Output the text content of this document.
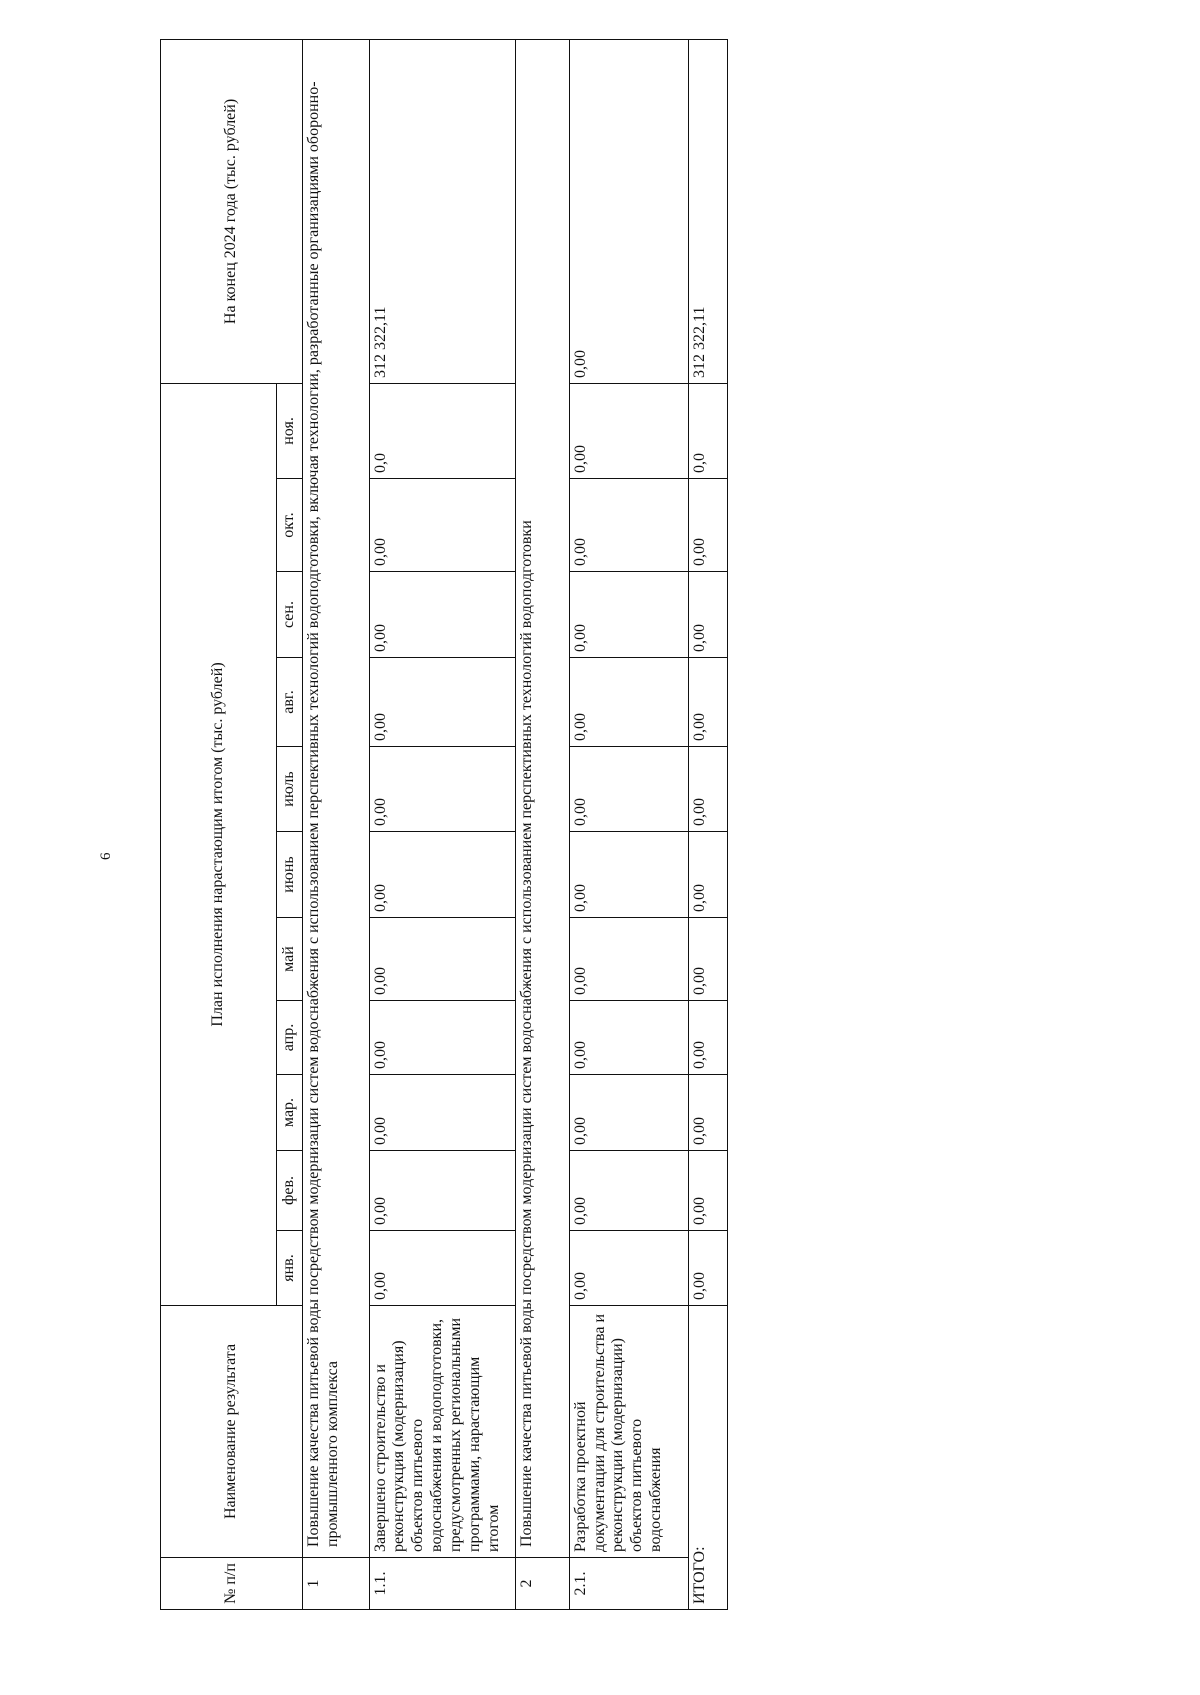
6
№ п/п	Наименование результата	План исполнения нарастающим итогом (тыс. рублей)											На конец 2024 года (тыс. рублей)
		янв.	фев.	мар.	апр.	май	июнь	июль	авг.	сен.	окт.	ноя.	
1	Повышение качества питьевой воды посредством модернизации систем водоснабжения с использованием перспективных технологий водоподготовки, включая технологии, разработанные организациями оборонно-промышленного комплекса												
1.1.	Завершено строительство и реконструкция (модернизация) объектов питьевого водоснабжения и водоподготовки, предусмотренных региональными программами, нарастающим итогом	0,00	0,00	0,00	0,00	0,00	0,00	0,00	0,00	0,00	0,00	0,0	312 322,11
2	Повышение качества питьевой воды посредством модернизации систем водоснабжения с использованием перспективных технологий водоподготовки												
2.1.	Разработка проектной документации для строительства и реконструкции (модернизации) объектов питьевого водоснабжения	0,00	0,00	0,00	0,00	0,00	0,00	0,00	0,00	0,00	0,00	0,00	0,00
ИТОГО:		0,00	0,00	0,00	0,00	0,00	0,00	0,00	0,00	0,00	0,00	0,0	312 322,11
